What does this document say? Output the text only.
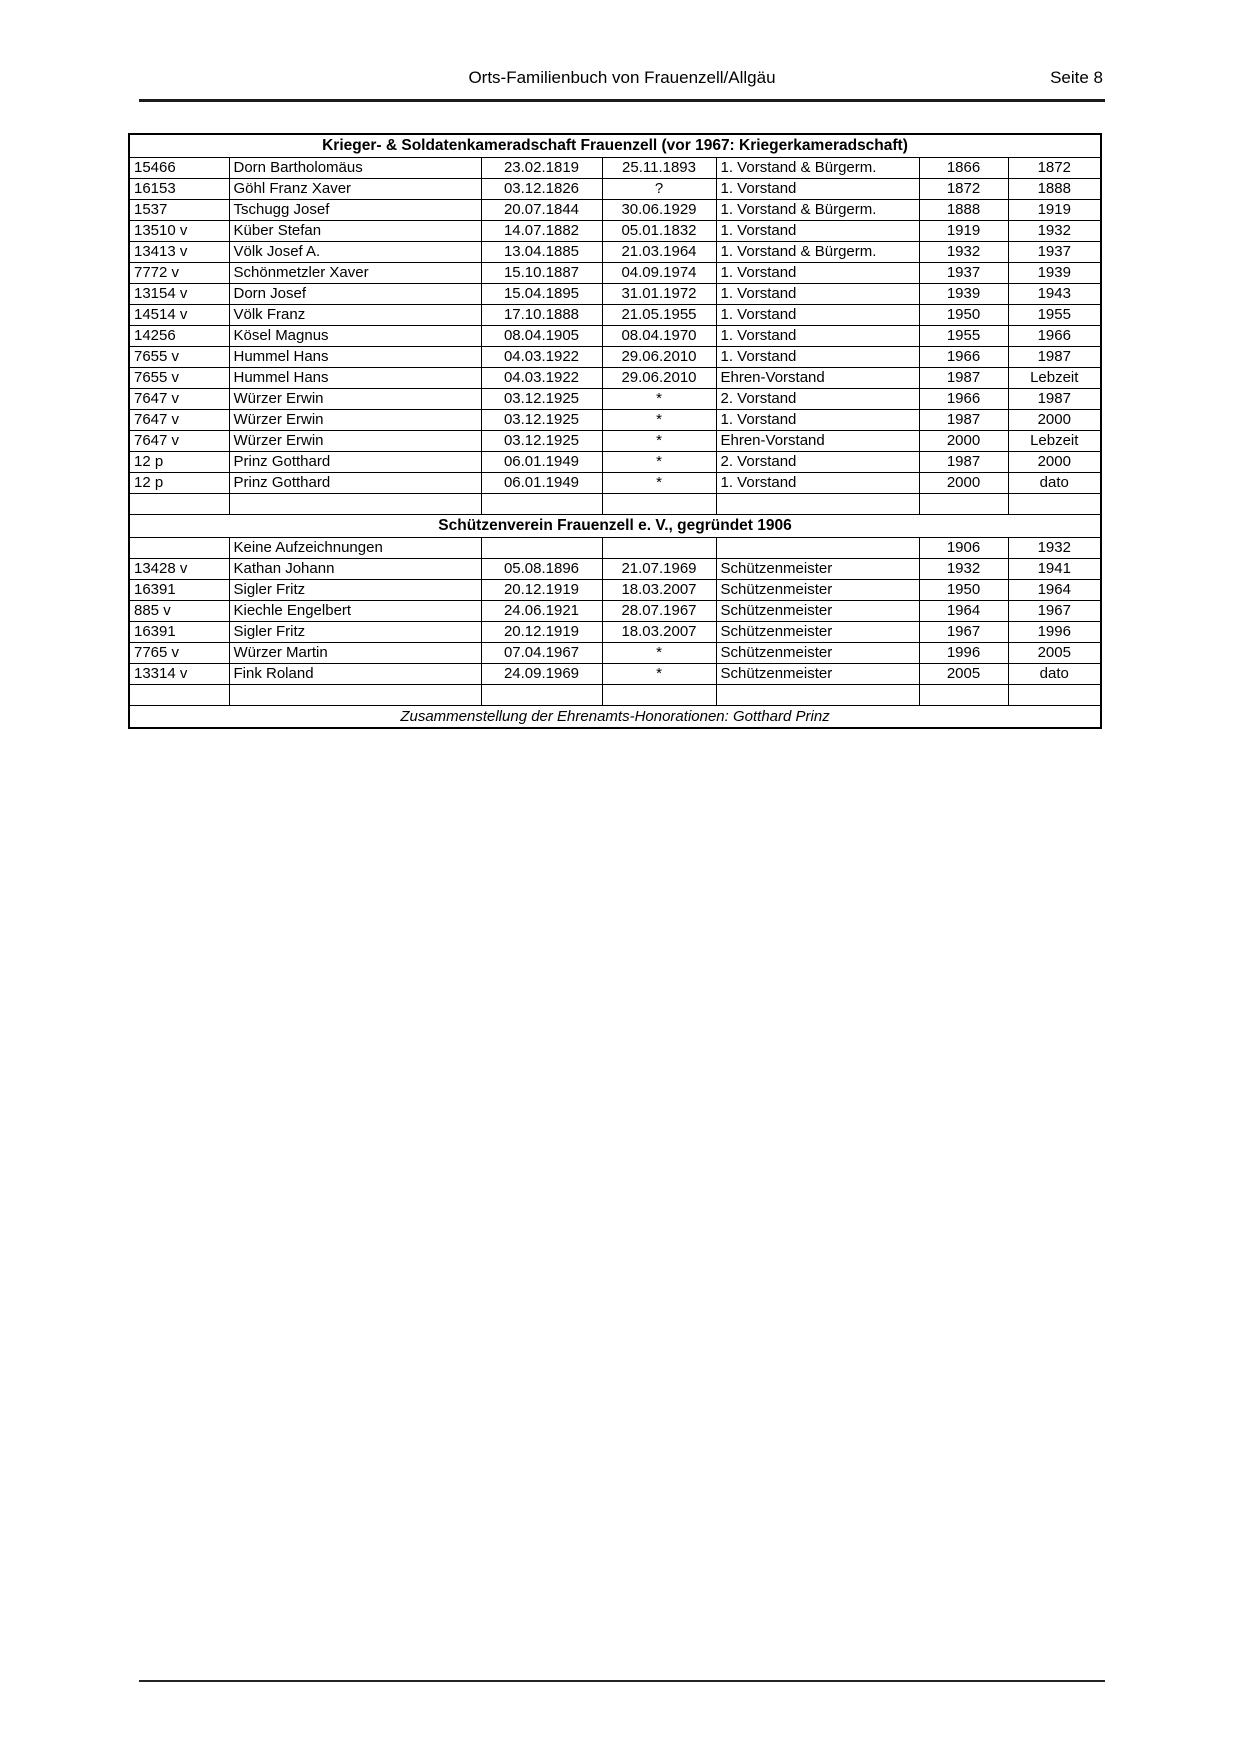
Orts-Familienbuch von Frauenzell/Allgäu	Seite 8
Krieger- & Soldatenkameradschaft Frauenzell (vor 1967: Kriegerkameradschaft)						
15466	Dorn Bartholomäus	23.02.1819	25.11.1893	1. Vorstand & Bürgerm.	1866	1872
16153	Göhl Franz Xaver	03.12.1826	?	1. Vorstand	1872	1888
1537	Tschugg Josef	20.07.1844	30.06.1929	1. Vorstand & Bürgerm.	1888	1919
13510 v	Küber Stefan	14.07.1882	05.01.1832	1. Vorstand	1919	1932
13413 v	Völk Josef A.	13.04.1885	21.03.1964	1. Vorstand & Bürgerm.	1932	1937
7772 v	Schönmetzler Xaver	15.10.1887	04.09.1974	1. Vorstand	1937	1939
13154 v	Dorn Josef	15.04.1895	31.01.1972	1. Vorstand	1939	1943
14514 v	Völk Franz	17.10.1888	21.05.1955	1. Vorstand	1950	1955
14256	Kösel Magnus	08.04.1905	08.04.1970	1. Vorstand	1955	1966
7655 v	Hummel Hans	04.03.1922	29.06.2010	1. Vorstand	1966	1987
7655 v	Hummel Hans	04.03.1922	29.06.2010	Ehren-Vorstand	1987	Lebzeit
7647 v	Würzer Erwin	03.12.1925	*	2. Vorstand	1966	1987
7647 v	Würzer Erwin	03.12.1925	*	1. Vorstand	1987	2000
7647 v	Würzer Erwin	03.12.1925	*	Ehren-Vorstand	2000	Lebzeit
12 p	Prinz Gotthard	06.01.1949	*	2. Vorstand	1987	2000
12 p	Prinz Gotthard	06.01.1949	*	1. Vorstand	2000	dato

Schützenverein Frauenzell e. V., gegründet 1906						
	Keine Aufzeichnungen				1906	1932
13428 v	Kathan Johann	05.08.1896	21.07.1969	Schützenmeister	1932	1941
16391	Sigler Fritz	20.12.1919	18.03.2007	Schützenmeister	1950	1964
885 v	Kiechle Engelbert	24.06.1921	28.07.1967	Schützenmeister	1964	1967
16391	Sigler Fritz	20.12.1919	18.03.2007	Schützenmeister	1967	1996
7765 v	Würzer Martin	07.04.1967	*	Schützenmeister	1996	2005
13314 v	Fink Roland	24.09.1969	*	Schützenmeister	2005	dato

Zusammenstellung der Ehrenamts-Honorationen: Gotthard Prinz						
